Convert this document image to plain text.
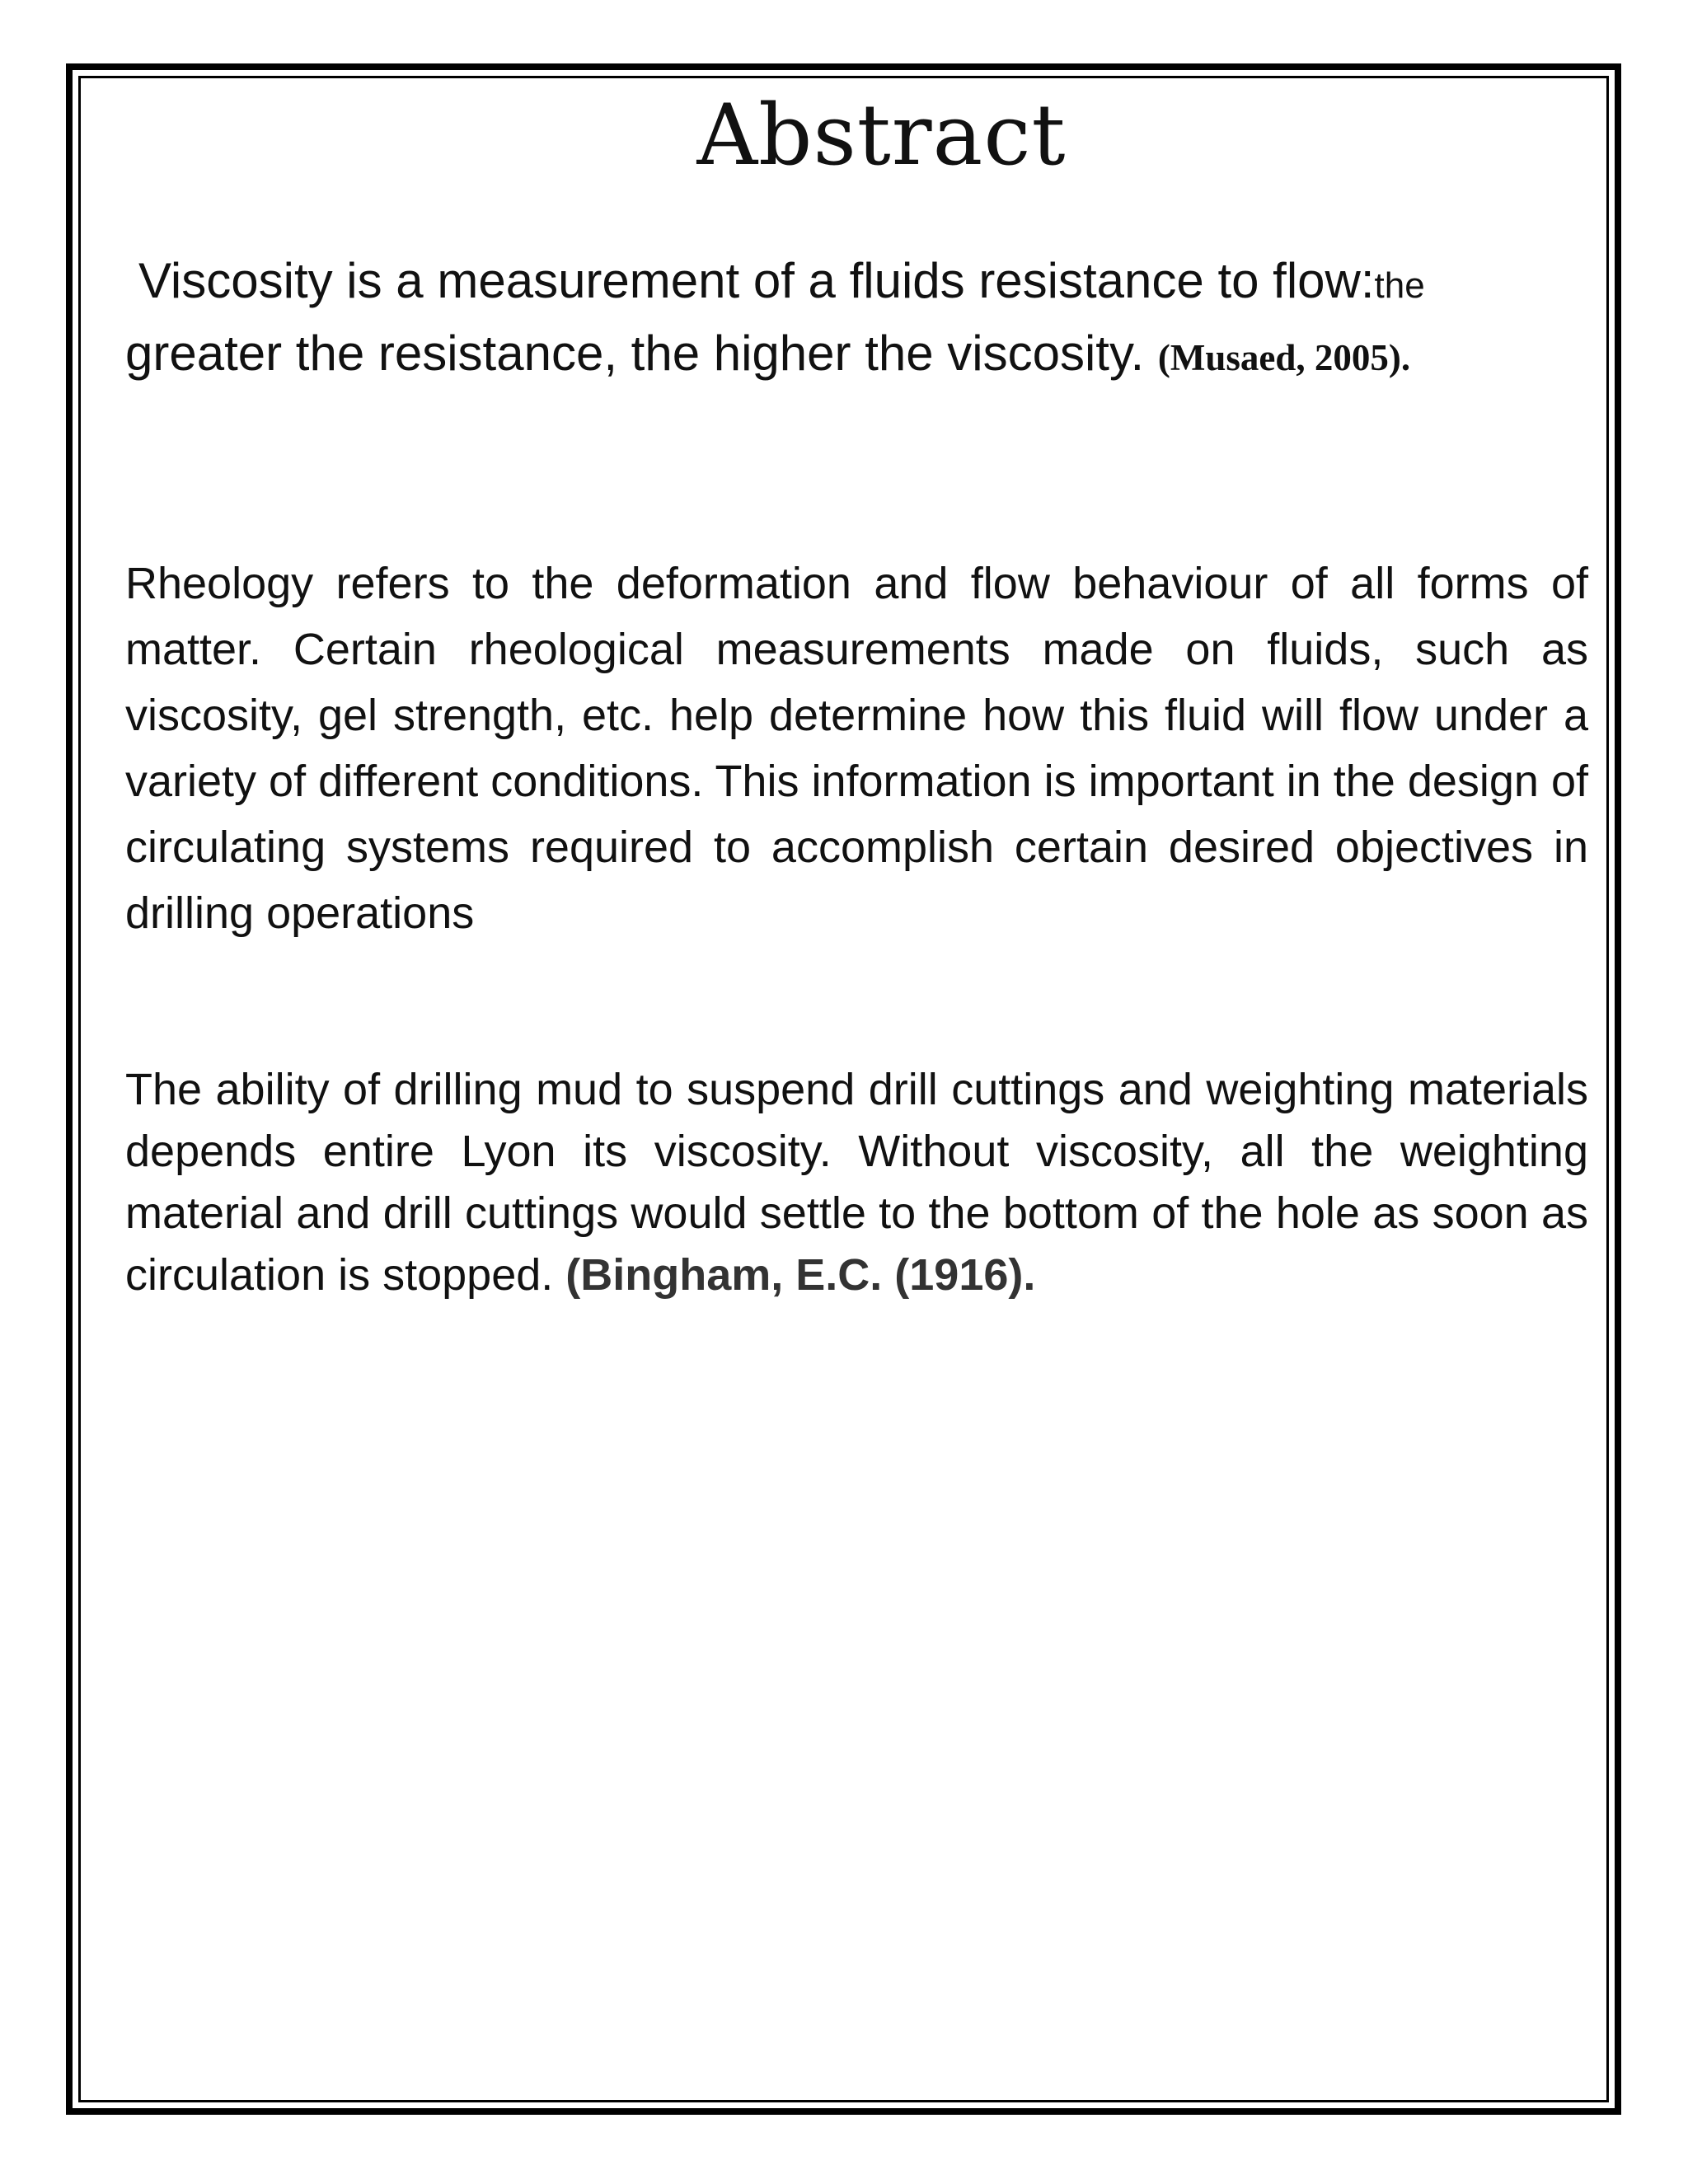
Abstract

Viscosity is a measurement of a fluids resistance to flow:the greater the resistance, the higher the viscosity. (Musaed, 2005).

Rheology refers to the deformation and flow behaviour of all forms of matter. Certain rheological measurements made on fluids, such as viscosity, gel strength, etc. help determine how this fluid will flow under a variety of different conditions. This information is important in the design of circulating systems required to accomplish certain desired objectives in drilling operations

The ability of drilling mud to suspend drill cuttings and weighting materials depends entire Lyon its viscosity. Without viscosity, all the weighting material and drill cuttings would settle to the bottom of the hole as soon as circulation is stopped. (Bingham, E.C. (1916).
